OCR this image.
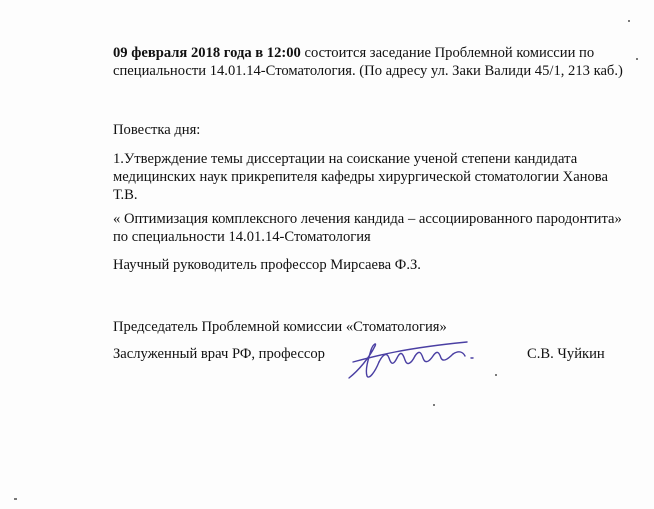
09 февраля 2018 года в 12:00 состоится заседание Проблемной комиссии по специальности 14.01.14-Стоматология. (По адресу ул. Заки Валиди 45/1, 213 каб.)

Повестка дня:

1.Утверждение темы диссертации на соискание ученой степени кандидата медицинских наук прикрепителя кафедры хирургической стоматологии Ханова Т.В.

« Оптимизация комплексного лечения кандида – ассоциированного пародонтита» по специальности 14.01.14-Стоматология

Научный руководитель профессор Мирсаева Ф.З.

Председатель Проблемной комиссии «Стоматология»

Заслуженный врач РФ, профессор	С.В. Чуйкин
